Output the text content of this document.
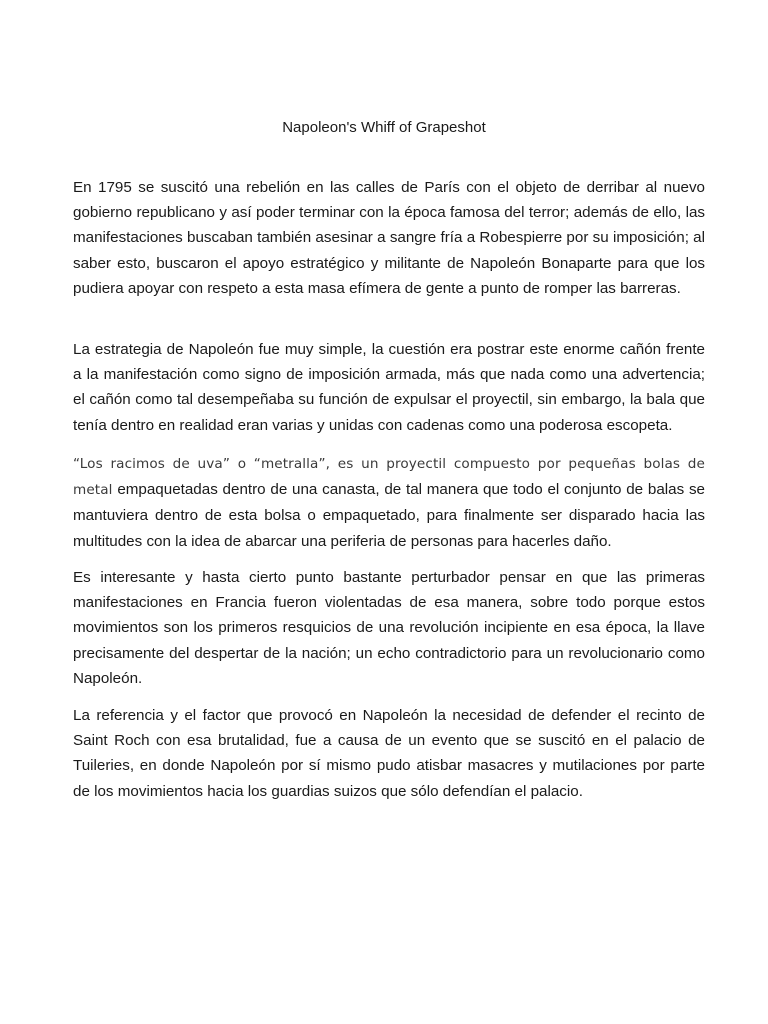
Napoleon's Whiff of Grapeshot

En 1795 se suscitó una rebelión en las calles de París con el objeto de derribar al nuevo gobierno republicano y así poder terminar con la época famosa del terror; además de ello, las manifestaciones buscaban también asesinar a sangre fría a Robespierre por su imposición; al saber esto, buscaron el apoyo estratégico y militante de Napoleón Bonaparte para que los pudiera apoyar con respeto a esta masa efímera de gente a punto de romper las barreras.

La estrategia de Napoleón fue muy simple, la cuestión era postrar este enorme cañón frente a la manifestación como signo de imposición armada, más que nada como una advertencia; el cañón como tal desempeñaba su función de expulsar el proyectil, sin embargo, la bala que tenía dentro en realidad eran varias y unidas con cadenas como una poderosa escopeta.

“Los racimos de uva” o “metralla”, es un proyectil compuesto por pequeñas bolas de metal empaquetadas dentro de una canasta, de tal manera que todo el conjunto de balas se mantuviera dentro de esta bolsa o empaquetado, para finalmente ser disparado hacia las multitudes con la idea de abarcar una periferia de personas para hacerles daño.

Es interesante y hasta cierto punto bastante perturbador pensar en que las primeras manifestaciones en Francia fueron violentadas de esa manera, sobre todo porque estos movimientos son los primeros resquicios de una revolución incipiente en esa época, la llave precisamente del despertar de la nación; un echo contradictorio para un revolucionario como Napoleón.

La referencia y el factor que provocó en Napoleón la necesidad de defender el recinto de Saint Roch con esa brutalidad, fue a causa de un evento que se suscitó en el palacio de Tuileries, en donde Napoleón por sí mismo pudo atisbar masacres y mutilaciones por parte de los movimientos hacia los guardias suizos que sólo defendían el palacio.
